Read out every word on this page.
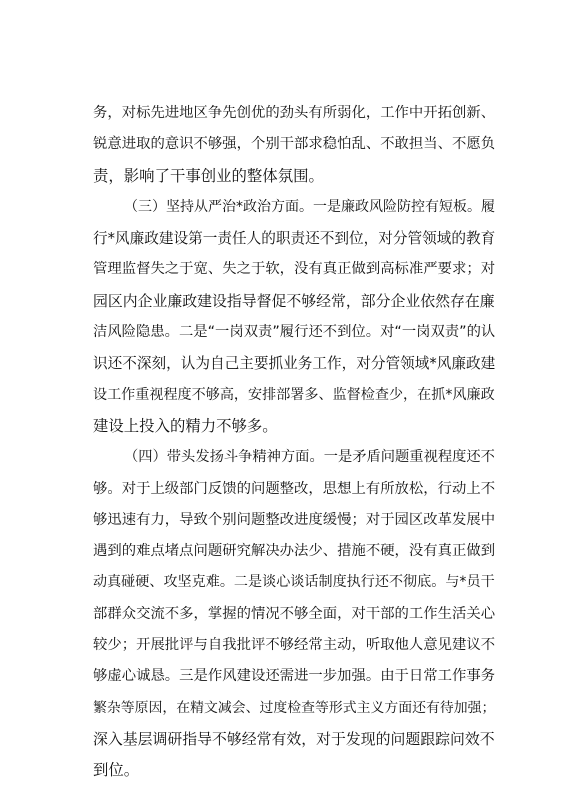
务，对标先进地区争先创优的劲头有所弱化，工作中开拓创新、
锐意进取的意识不够强，个别干部求稳怕乱、不敢担当、不愿负
责，影响了干事创业的整体氛围。
（三）坚持从严治*政治方面。一是廉政风险防控有短板。履
行*风廉政建设第一责任人的职责还不到位，对分管领域的教育
管理监督失之于宽、失之于软，没有真正做到高标准严要求；对
园区内企业廉政建设指导督促不够经常，部分企业依然存在廉
洁风险隐患。二是“一岗双责”履行还不到位。对“一岗双责”的认
识还不深刻，认为自己主要抓业务工作，对分管领域*风廉政建
设工作重视程度不够高，安排部署多、监督检查少，在抓*风廉政
建设上投入的精力不够多。
（四）带头发扬斗争精神方面。一是矛盾问题重视程度还不
够。对于上级部门反馈的问题整改，思想上有所放松，行动上不
够迅速有力，导致个别问题整改进度缓慢；对于园区改革发展中
遇到的难点堵点问题研究解决办法少、措施不硬，没有真正做到
动真碰硬、攻坚克难。二是谈心谈话制度执行还不彻底。与*员干
部群众交流不多，掌握的情况不够全面，对干部的工作生活关心
较少；开展批评与自我批评不够经常主动，听取他人意见建议不
够虚心诚恳。三是作风建设还需进一步加强。由于日常工作事务
繁杂等原因，在精文减会、过度检查等形式主义方面还有待加强；
深入基层调研指导不够经常有效，对于发现的问题跟踪问效不
到位。
